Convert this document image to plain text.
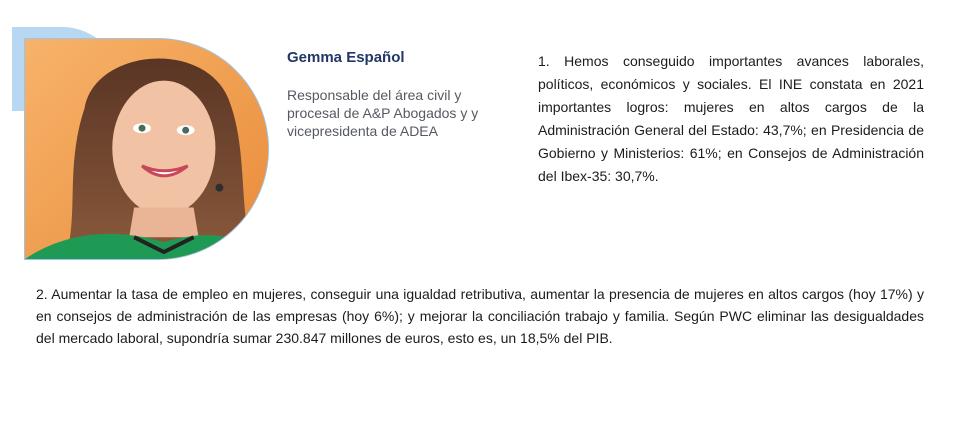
Gemma Español
Responsable del área civil y procesal de A&P Abogados y y vicepresidenta de ADEA

1. Hemos conseguido importantes avances laborales, políticos, económicos y sociales. El INE constata en 2021 importantes logros: mujeres en altos cargos de la Administración General del Estado: 43,7%; en Presidencia de Gobierno y Ministerios: 61%; en Consejos de Administración del Ibex-35: 30,7%.

2. Aumentar la tasa de empleo en mujeres, conseguir una igualdad retributiva, aumentar la presencia de mujeres en altos cargos (hoy 17%) y en consejos de administración de las empresas (hoy 6%); y mejorar la conciliación trabajo y familia. Según PWC eliminar las desigualdades del mercado laboral, supondría sumar 230.847 millones de euros, esto es, un 18,5% del PIB.
